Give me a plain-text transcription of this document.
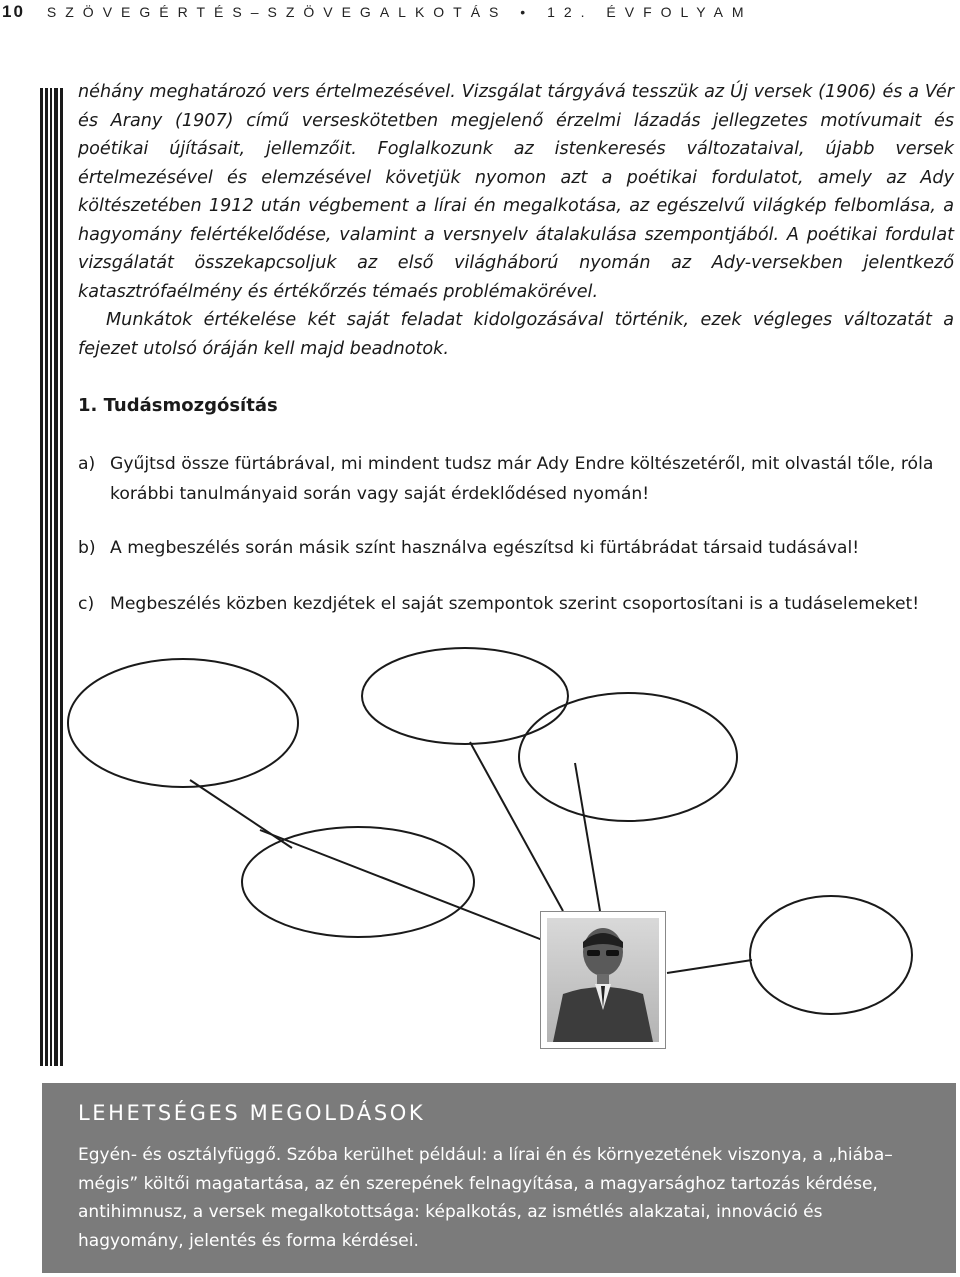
10 SZÖVEGÉRTÉS–SZÖVEGALKOTÁS • 12. ÉVFOLYAM

néhány meghatározó vers értelmezésével. Vizsgálat tárgyává tesszük az Új versek (1906) és a Vér és Arany (1907) című verseskötetben megjelenő érzelmi lázadás jellegzetes motívumait és poétikai újításait, jellemzőit. Foglalkozunk az istenkeresés változataival, újabb versek értelmezésével és elemzésével követjük nyomon azt a poétikai fordulatot, amely az Ady költészetében 1912 után végbement a lírai én megalkotása, az egészelvű világkép felbomlása, a hagyomány felértékelődése, valamint a versnyelv átalakulása szempontjából. A poétikai fordulat vizsgálatát összekapcsoljuk az első világháború nyomán az Ady-versekben jelentkező katasztrófaélmény és értékőrzés témaés problémakörével.

Munkátok értékelése két saját feladat kidolgozásával történik, ezek végleges változatát a fejezet utolsó óráján kell majd beadnotok.

1. Tudásmozgósítás
a) Gyűjtsd össze fürtábrával, mi mindent tudsz már Ady Endre költészetéről, mit olvastál tőle, róla korábbi tanulmányaid során vagy saját érdeklődésed nyomán!
b) A megbeszélés során másik színt használva egészítsd ki fürtábrádat társaid tudásával!
c) Megbeszélés közben kezdjétek el saját szempontok szerint csoportosítani is a tudáselemeket!
LEHETSÉGES MEGOLDÁSOK
Egyén- és osztályfüggő. Szóba kerülhet például: a lírai én és környezetének viszonya, a „hiába–mégis” költői magatartása, az én szerepének felnagyítása, a magyarsághoz tartozás kérdése, antihimnusz, a versek megalkotottsága: képalkotás, az ismétlés alakzatai, innováció és hagyomány, jelentés és forma kérdései.
